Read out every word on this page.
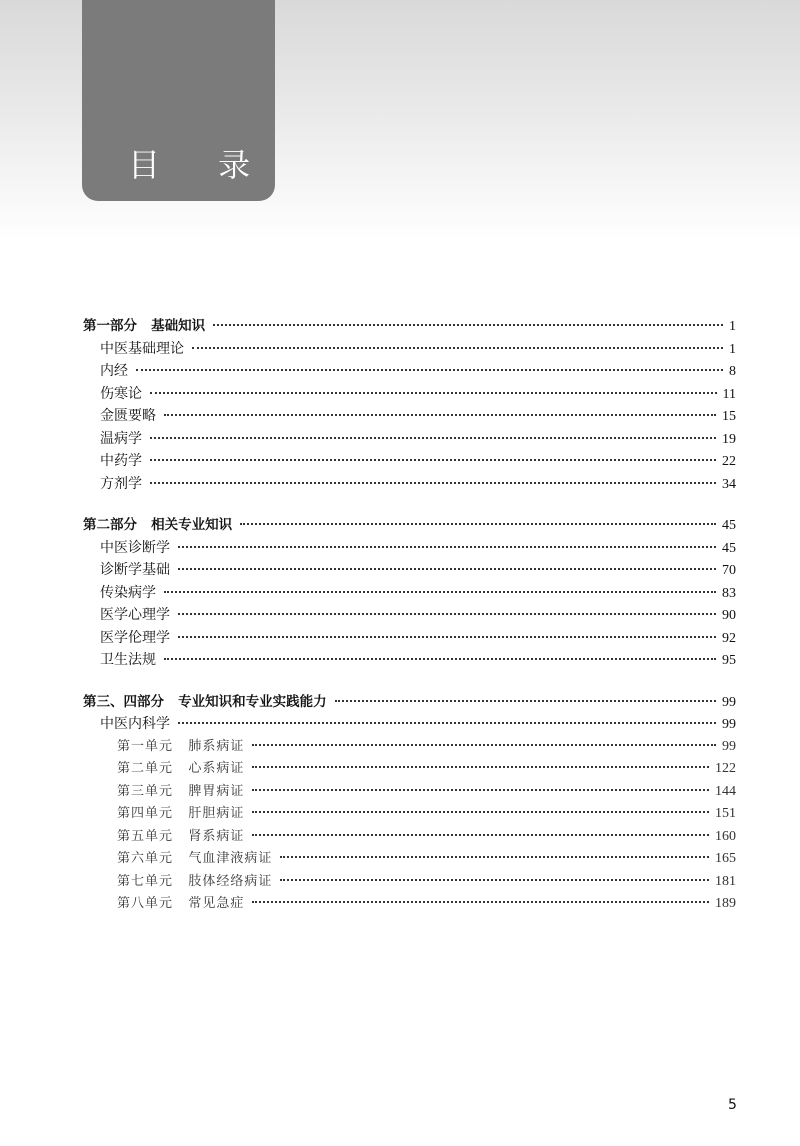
目 录
第一部分   基础知识	1
中医基础理论	1
内经	8
伤寒论	11
金匮要略	15
温病学	19
中药学	22
方剂学	34
第二部分   相关专业知识	45
中医诊断学	45
诊断学基础	70
传染病学	83
医学心理学	90
医学伦理学	92
卫生法规	95
第三、四部分   专业知识和专业实践能力	99
中医内科学	99
第一单元   肺系病证	99
第二单元   心系病证	122
第三单元   脾胃病证	144
第四单元   肝胆病证	151
第五单元   肾系病证	160
第六单元   气血津液病证	165
第七单元   肢体经络病证	181
第八单元   常见急症	189
5
